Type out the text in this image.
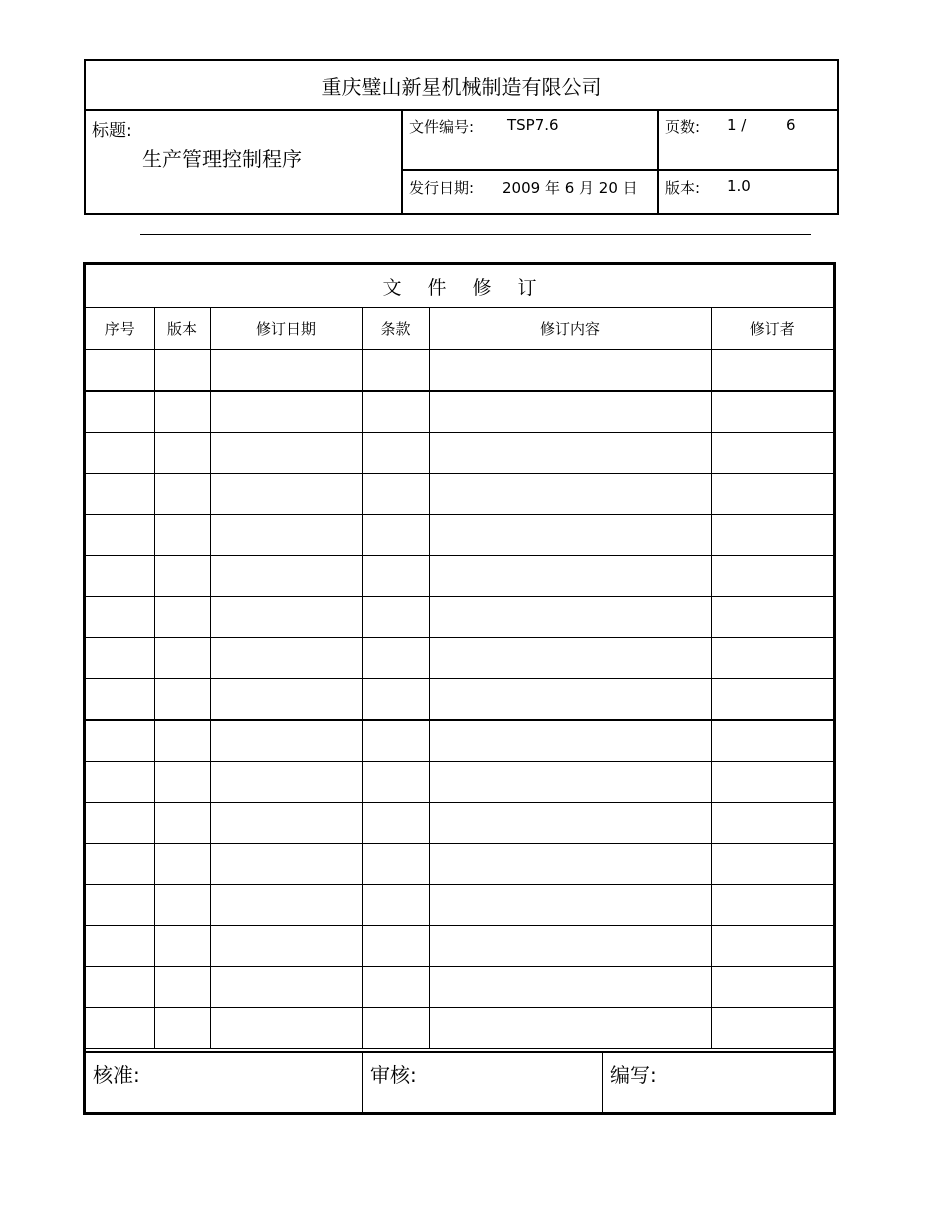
重庆璧山新星机械制造有限公司
标题:
生产管理控制程序
文件编号: TSP7.6	页数: 1 /	6
发行日期: 2009 年 6 月 20 日 版本: 1.0
文件修订
序号	版本	修订日期	条款	修订内容	修订者

核准:	审核:	编写:
